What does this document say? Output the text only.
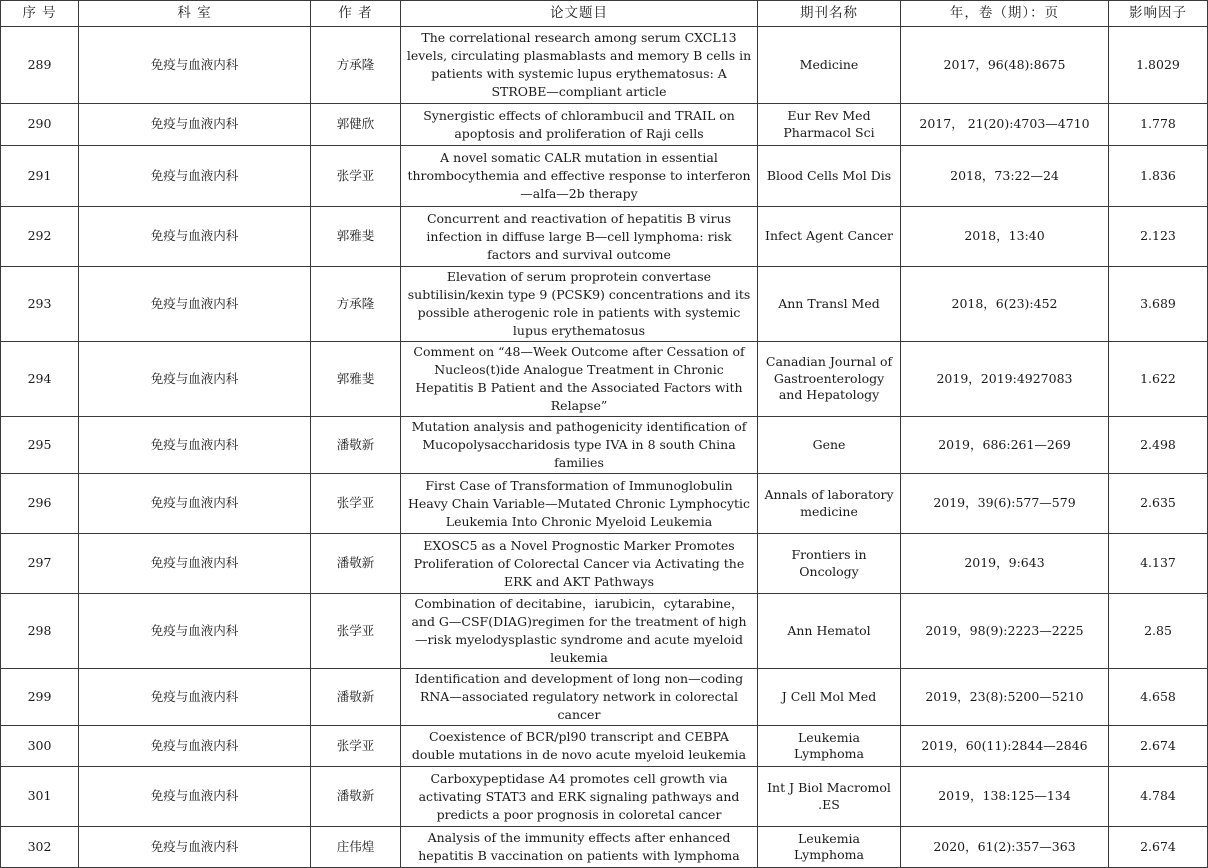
序 号	科 室	作 者	论文题目	期刊名称	年，卷（期）：页	影响因子
289	免疫与血液内科	方承隆	The correlational research among serum CXCL13 levels, circulating plasmablasts and memory B cells in patients with systemic lupus erythematosus: A STROBE—compliant article	Medicine	2017，96(48):8675	1.8029
290	免疫与血液内科	郭健欣	Synergistic effects of chlorambucil and TRAIL on apoptosis and proliferation of Raji cells	Eur Rev Med Pharmacol Sci	2017， 21(20):4703—4710	1.778
291	免疫与血液内科	张学亚	A novel somatic CALR mutation in essential thrombocythemia and effective response to interferon—alfa—2b therapy	Blood Cells Mol Dis	2018，73:22—24	1.836
292	免疫与血液内科	郭雅斐	Concurrent and reactivation of hepatitis B virus infection in diffuse large B—cell lymphoma: risk factors and survival outcome	Infect Agent Cancer	2018，13:40	2.123
293	免疫与血液内科	方承隆	Elevation of serum proprotein convertase subtilisin/kexin type 9 (PCSK9) concentrations and its possible atherogenic role in patients with systemic lupus erythematosus	Ann Transl Med	2018，6(23):452	3.689
294	免疫与血液内科	郭雅斐	Comment on “48—Week Outcome after Cessation of Nucleos(t)ide Analogue Treatment in Chronic Hepatitis B Patient and the Associated Factors with Relapse”	Canadian Journal of Gastroenterology and Hepatology	2019，2019:4927083	1.622
295	免疫与血液内科	潘敬新	Mutation analysis and pathogenicity identification of Mucopolysaccharidosis type IVA in 8 south China families	Gene	2019，686:261—269	2.498
296	免疫与血液内科	张学亚	First Case of Transformation of Immunoglobulin Heavy Chain Variable—Mutated Chronic Lymphocytic Leukemia Into Chronic Myeloid Leukemia	Annals of laboratory medicine	2019，39(6):577—579	2.635
297	免疫与血液内科	潘敬新	EXOSC5 as a Novel Prognostic Marker Promotes Proliferation of Colorectal Cancer via Activating the ERK and AKT Pathways	Frontiers in Oncology	2019，9:643	4.137
298	免疫与血液内科	张学亚	Combination of decitabine，iarubicin，cytarabine，and G—CSF(DIAG)regimen for the treatment of high—risk myelodysplastic syndrome and acute myeloid leukemia	Ann Hematol	2019，98(9):2223—2225	2.85
299	免疫与血液内科	潘敬新	Identification and development of long non—coding RNA—associated regulatory network in colorectal cancer	J Cell Mol Med	2019，23(8):5200—5210	4.658
300	免疫与血液内科	张学亚	Coexistence of BCR/pl90 transcript and CEBPA double mutations in de novo acute myeloid leukemia	Leukemia Lymphoma	2019，60(11):2844—2846	2.674
301	免疫与血液内科	潘敬新	Carboxypeptidase A4 promotes cell growth via activating STAT3 and ERK signaling pathways and predicts a poor prognosis in coloretal cancer	Int J Biol Macromol .ES	2019，138:125—134	4.784
302	免疫与血液内科	庄伟煌	Analysis of the immunity effects after enhanced hepatitis B vaccination on patients with lymphoma	Leukemia Lymphoma	2020，61(2):357—363	2.674
